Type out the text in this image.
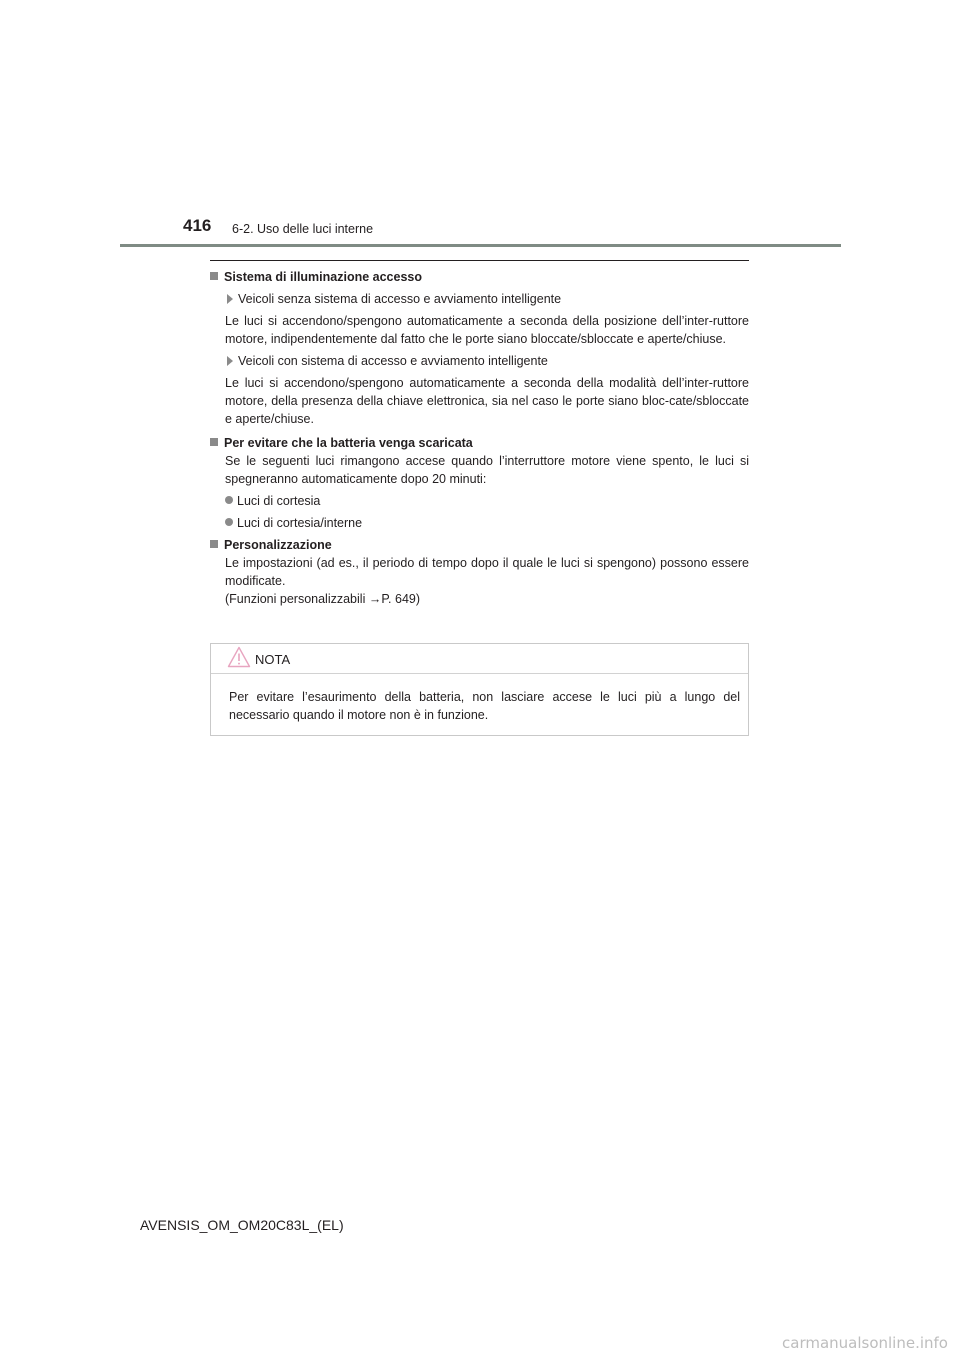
416 6-2. Uso delle luci interne
Sistema di illuminazione accesso
Veicoli senza sistema di accesso e avviamento intelligente
Le luci si accendono/spengono automaticamente a seconda della posizione dell’inter-ruttore motore, indipendentemente dal fatto che le porte siano bloccate/sbloccate e aperte/chiuse.
Veicoli con sistema di accesso e avviamento intelligente
Le luci si accendono/spengono automaticamente a seconda della modalità dell’inter-ruttore motore, della presenza della chiave elettronica, sia nel caso le porte siano bloc-cate/sbloccate e aperte/chiuse.
Per evitare che la batteria venga scaricata
Se le seguenti luci rimangono accese quando l’interruttore motore viene spento, le luci si spegneranno automaticamente dopo 20 minuti:
Luci di cortesia
Luci di cortesia/interne
Personalizzazione
Le impostazioni (ad es., il periodo di tempo dopo il quale le luci si spengono) possono essere modificate.
(Funzioni personalizzabili →P. 649)
NOTA
Per evitare l’esaurimento della batteria, non lasciare accese le luci più a lungo del necessario quando il motore non è in funzione.
AVENSIS_OM_OM20C83L_(EL)
carmanualsonline.info
